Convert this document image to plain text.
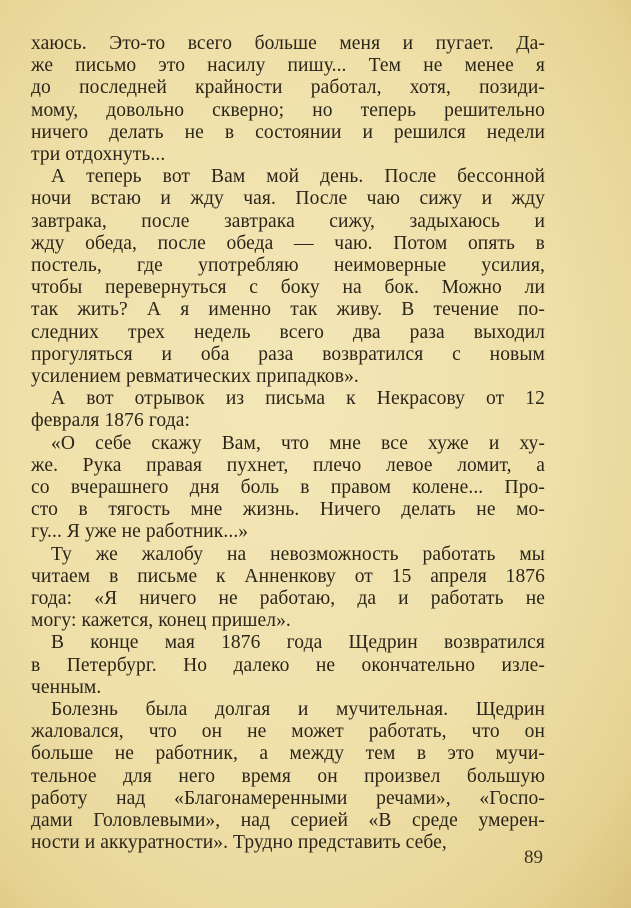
хаюсь. Это-то всего больше меня и пугает. Да-
же письмо это насилу пишу... Тем не менее я
до последней крайности работал, хотя, позиди-
мому, довольно скверно; но теперь решительно
ничего делать не в состоянии и решился недели
три отдохнуть...
А теперь вот Вам мой день. После бессонной
ночи встаю и жду чая. После чаю сижу и жду
завтрака, после завтрака сижу, задыхаюсь и
жду обеда, после обеда — чаю. Потом опять в
постель, где употребляю неимоверные усилия,
чтобы перевернуться с боку на бок. Можно ли
так жить? А я именно так живу. В течение по-
следних трех недель всего два раза выходил
прогуляться и оба раза возвратился с новым
усилением ревматических припадков».
А вот отрывок из письма к Некрасову от 12
февраля 1876 года:
«О себе скажу Вам, что мне все хуже и ху-
же. Рука правая пухнет, плечо левое ломит, а
со вчерашнего дня боль в правом колене... Про-
сто в тягость мне жизнь. Ничего делать не мо-
гу... Я уже не работник...»
Ту же жалобу на невозможность работать мы
читаем в письме к Анненкову от 15 апреля 1876
года: «Я ничего не работаю, да и работать не
могу: кажется, конец пришел».
В конце мая 1876 года Щедрин возвратился
в Петербург. Но далеко не окончательно изле-
ченным.
Болезнь была долгая и мучительная. Щедрин
жаловался, что он не может работать, что он
больше не работник, а между тем в это мучи-
тельное для него время он произвел большую
работу над «Благонамеренными речами», «Госпо-
дами Головлевыми», над серией «В среде умерен-
ности и аккуратности». Трудно представить себе,
89
